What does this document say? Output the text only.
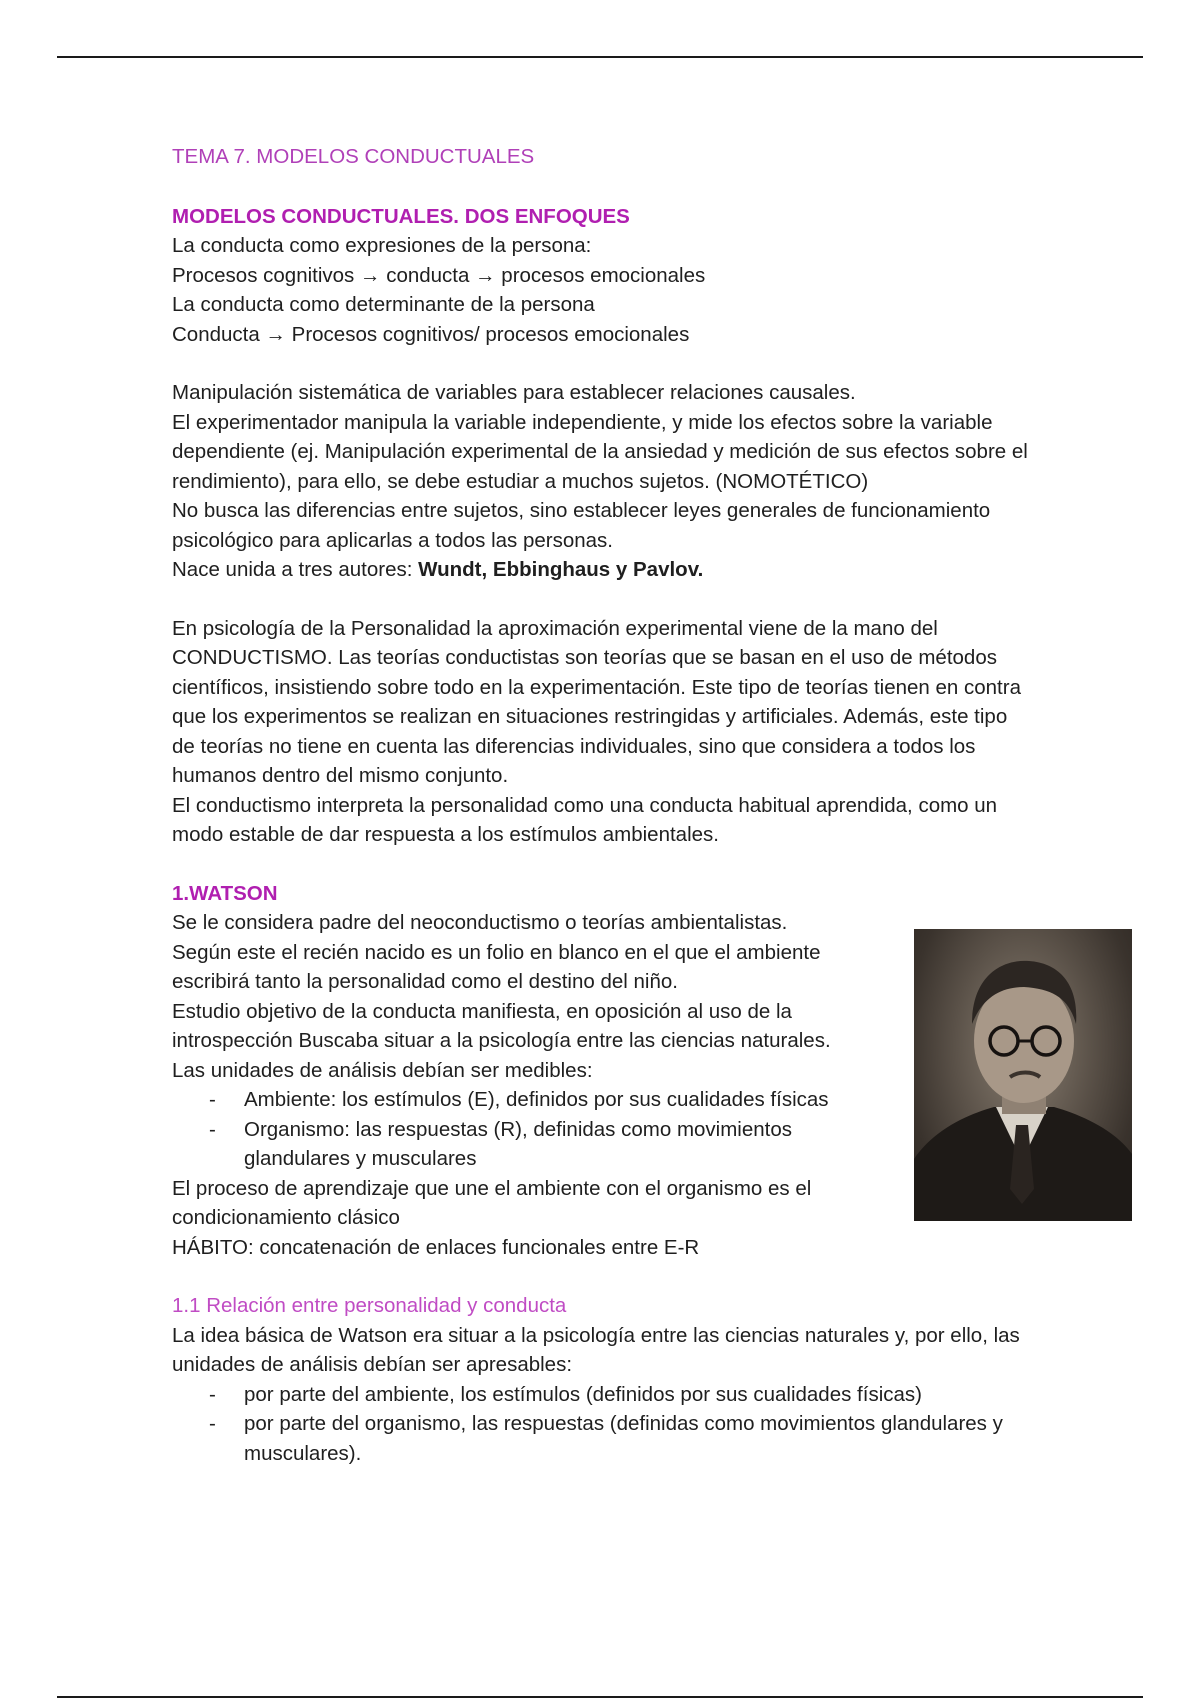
TEMA 7. MODELOS CONDUCTUALES

MODELOS CONDUCTUALES. DOS ENFOQUES

La conducta como expresiones de la persona:

Procesos cognitivos → conducta → procesos emocionales

La conducta como determinante de la persona

Conducta → Procesos cognitivos/ procesos emocionales

Manipulación sistemática de variables para establecer relaciones causales.

El experimentador manipula la variable independiente, y mide los efectos sobre la variable dependiente (ej. Manipulación experimental de la ansiedad y medición de sus efectos sobre el rendimiento), para ello, se debe estudiar a muchos sujetos. (NOMOTÉTICO)

No busca las diferencias entre sujetos, sino establecer leyes generales de funcionamiento psicológico para aplicarlas a todos las personas.

Nace unida a tres autores: Wundt, Ebbinghaus y Pavlov.

En psicología de la Personalidad la aproximación experimental viene de la mano del CONDUCTISMO. Las teorías conductistas son teorías que se basan en el uso de métodos científicos, insistiendo sobre todo en la experimentación. Este tipo de teorías tienen en contra que los experimentos se realizan en situaciones restringidas y artificiales. Además, este tipo de teorías no tiene en cuenta las diferencias individuales, sino que considera a todos los humanos dentro del mismo conjunto.

El conductismo interpreta la personalidad como una conducta habitual aprendida, como un modo estable de dar respuesta a los estímulos ambientales.

1.WATSON

Se le considera padre del neoconductismo o teorías ambientalistas.

Según este el recién nacido es un folio en blanco en el que el ambiente escribirá tanto la personalidad como el destino del niño.

Estudio objetivo de la conducta manifiesta, en oposición al uso de la introspección Buscaba situar a la psicología entre las ciencias naturales.

Las unidades de análisis debían ser medibles:

- Ambiente: los estímulos (E), definidos por sus cualidades físicas
- Organismo: las respuestas (R), definidas como movimientos glandulares y musculares

El proceso de aprendizaje que une el ambiente con el organismo es el condicionamiento clásico

HÁBITO: concatenación de enlaces funcionales entre E-R

1.1 Relación entre personalidad y conducta

La idea básica de Watson era situar a la psicología entre las ciencias naturales y, por ello, las unidades de análisis debían ser apresables:

- por parte del ambiente, los estímulos (definidos por sus cualidades físicas)
- por parte del organismo, las respuestas (definidas como movimientos glandulares y musculares).
